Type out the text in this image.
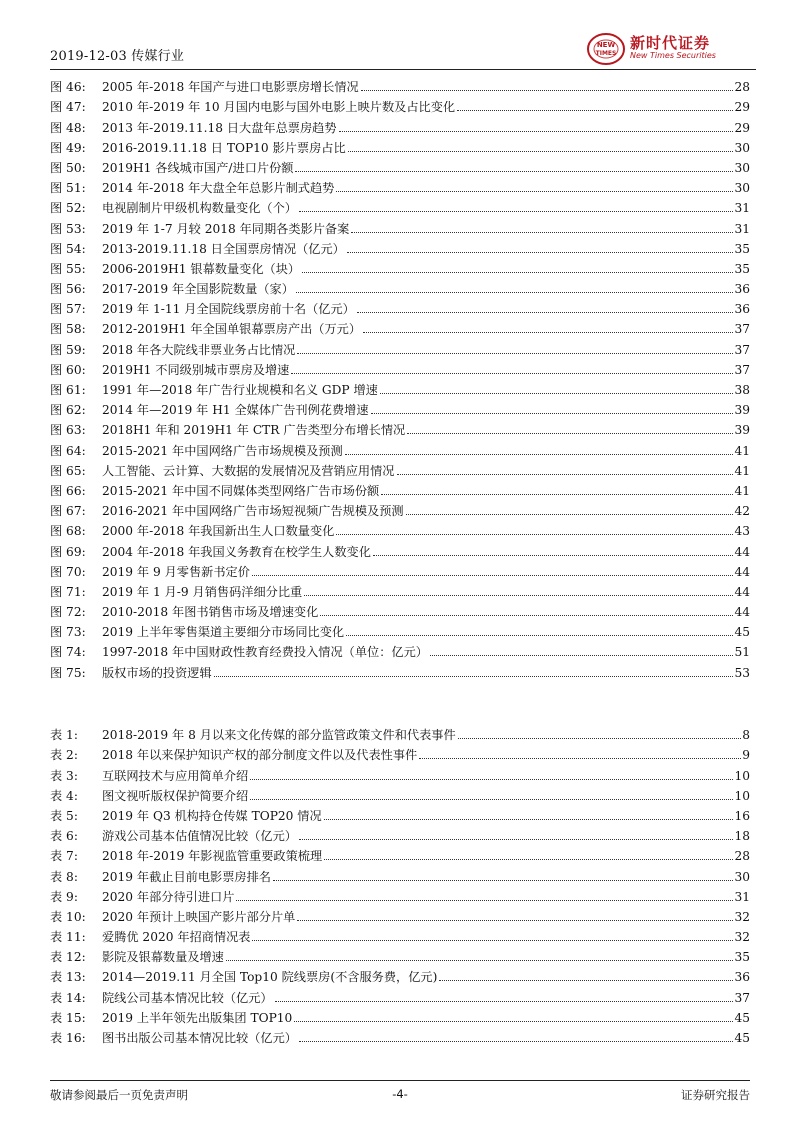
2019-12-03 传媒行业
NEW
TIMES
新时代证券
New Times Securities
图 46:	2005 年-2018 年国产与进口电影票房增长情况	28
图 47:	2010 年-2019 年 10 月国内电影与国外电影上映片数及占比变化	29
图 48:	2013 年-2019.11.18 日大盘年总票房趋势	29
图 49:	2016-2019.11.18 日 TOP10 影片票房占比	30
图 50:	2019H1 各线城市国产/进口片份额	30
图 51:	2014 年-2018 年大盘全年总影片制式趋势	30
图 52:	电视剧制片甲级机构数量变化（个）	31
图 53:	2019 年 1-7 月较 2018 年同期各类影片备案	31
图 54:	2013-2019.11.18 日全国票房情况（亿元）	35
图 55:	2006-2019H1 银幕数量变化（块）	35
图 56:	2017-2019 年全国影院数量（家）	36
图 57:	2019 年 1-11 月全国院线票房前十名（亿元）	36
图 58:	2012-2019H1 年全国单银幕票房产出（万元）	37
图 59:	2018 年各大院线非票业务占比情况	37
图 60:	2019H1 不同级别城市票房及增速	37
图 61:	1991 年—2018 年广告行业规模和名义 GDP 增速	38
图 62:	2014 年—2019 年 H1 全媒体广告刊例花费增速	39
图 63:	2018H1 年和 2019H1 年 CTR 广告类型分布增长情况	39
图 64:	2015-2021 年中国网络广告市场规模及预测	41
图 65:	人工智能、云计算、大数据的发展情况及营销应用情况	41
图 66:	2015-2021 年中国不同媒体类型网络广告市场份额	41
图 67:	2016-2021 年中国网络广告市场短视频广告规模及预测	42
图 68:	2000 年-2018 年我国新出生人口数量变化	43
图 69:	2004 年-2018 年我国义务教育在校学生人数变化	44
图 70:	2019 年 9 月零售新书定价	44
图 71:	2019 年 1 月-9 月销售码洋细分比重	44
图 72:	2010-2018 年图书销售市场及增速变化	44
图 73:	2019 上半年零售渠道主要细分市场同比变化	45
图 74:	1997-2018 年中国财政性教育经费投入情况（单位：亿元）	51
图 75:	版权市场的投资逻辑	53
表 1:	2018-2019 年 8 月以来文化传媒的部分监管政策文件和代表事件	8
表 2:	2018 年以来保护知识产权的部分制度文件以及代表性事件	9
表 3:	互联网技术与应用简单介绍	10
表 4:	图文视听版权保护简要介绍	10
表 5:	2019 年 Q3 机构持仓传媒 TOP20 情况	16
表 6:	游戏公司基本估值情况比较（亿元）	18
表 7:	2018 年-2019 年影视监管重要政策梳理	28
表 8:	2019 年截止目前电影票房排名	30
表 9:	2020 年部分待引进口片	31
表 10:	2020 年预计上映国产影片部分片单	32
表 11:	爱腾优 2020 年招商情况表	32
表 12:	影院及银幕数量及增速	35
表 13:	2014—2019.11 月全国 Top10 院线票房(不含服务费，亿元)	36
表 14:	院线公司基本情况比较（亿元）	37
表 15:	2019 上半年领先出版集团 TOP10	45
表 16:	图书出版公司基本情况比较（亿元）	45
敬请参阅最后一页免责声明	-4-	证券研究报告
